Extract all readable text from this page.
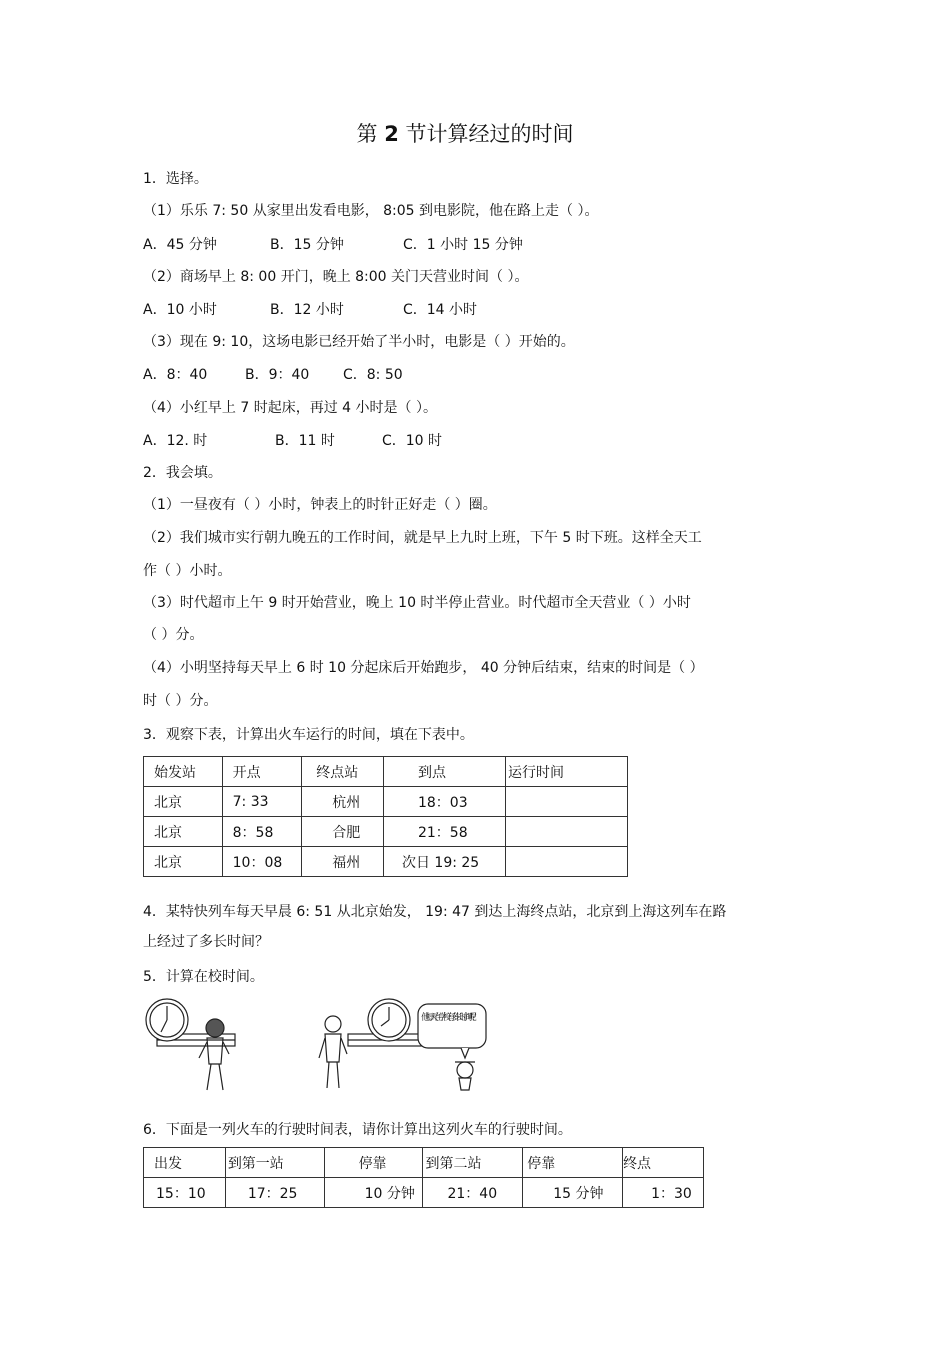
第 2 节计算经过的时间
1．选择。
（1）乐乐 7: 50 从家里出发看电影， 8:05 到电影院，他在路上走（ ）。
A．45 分钟	B．15 分钟	C．1 小时 15 分钟
（2）商场早上 8: 00 开门，晚上 8:00 关门天营业时间（ ）。
A．10 小时	B．12 小时	C．14 小时
（3）现在 9: 10，这场电影已经开始了半小时，电影是（ ）开始的。
A．8：40	B．9：40 C．8: 50
（4）小红早上 7 时起床，再过 4 小时是（ ）。
A．12. 时	B．11 时	C．10 时
2．我会填。
（1）一昼夜有（ ）小时，钟表上的时针正好走（ ）圈。
（2）我们城市实行朝九晚五的工作时间，就是早上九时上班，下午 5 时下班。这样全天工
作（ ）小时。
（3）时代超市上午 9 时开始营业，晚上 10 时半停止营业。时代超市全天营业（ ）小时
（ ）分。
（4）小明坚持每天早上 6 时 10 分起床后开始跑步， 40 分钟后结束，结束的时间是（ ）
时（ ）分。
3．观察下表，计算出火车运行的时间，填在下表中。
始发站	开点	终点站	到点	运行时间
北京	7: 33	杭州	18：03	
北京	8：58	合肥	21：58	
北京	10：08	福州	次日 19: 25	
4．某特快列车每天早晨 6: 51 从北京始发， 19: 47 到达上海终点站，北京到上海这列车在路
上经过了多长时间？
5．计算在校时间。
他每天在学校有多长时间呢？
6．下面是一列火车的行驶时间表，请你计算出这列火车的行驶时间。
出发	到第一站	停靠	到第二站	停靠	终点
15：10	17：25	10 分钟	21：40	15 分钟	1：30
